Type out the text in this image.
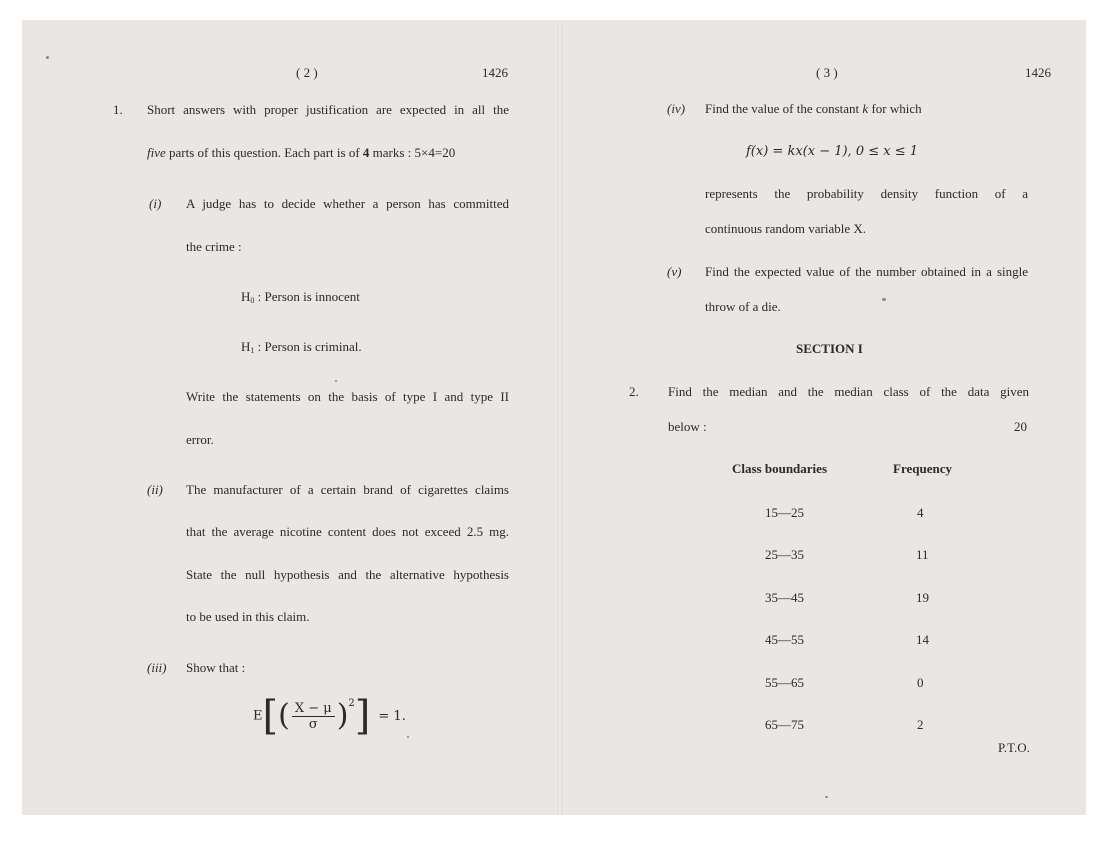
( 2 )	1426
1. Short answers with proper justification are expected in all the
five parts of this question. Each part is of 4 marks : 5×4=20
(i) A judge has to decide whether a person has committed
the crime :
$H_0$ : Person is innocent
$H_1$ : Person is criminal.
Write the statements on the basis of type I and type II
error.
(ii) The manufacturer of a certain brand of cigarettes claims
that the average nicotine content does not exceed 2.5 mg.
State the null hypothesis and the alternative hypothesis
to be used in this claim.
(iii) Show that :
$E[( \frac{X - \mu}{\sigma} )^2] = 1$.
( 3 )	1426
(iv) Find the value of the constant k for which
f(x) = kx(x − 1), 0 ≤ x ≤ 1
represents the probability density function of a
continuous random variable X.
(v) Find the expected value of the number obtained in a single
throw of a die.
SECTION I
2. Find the median and the median class of the data given
below :	20
Class boundaries	Frequency
15—25	4
25—35	11
35—45	19
45—55	14
55—65	0
65—75	2
P.T.O.
